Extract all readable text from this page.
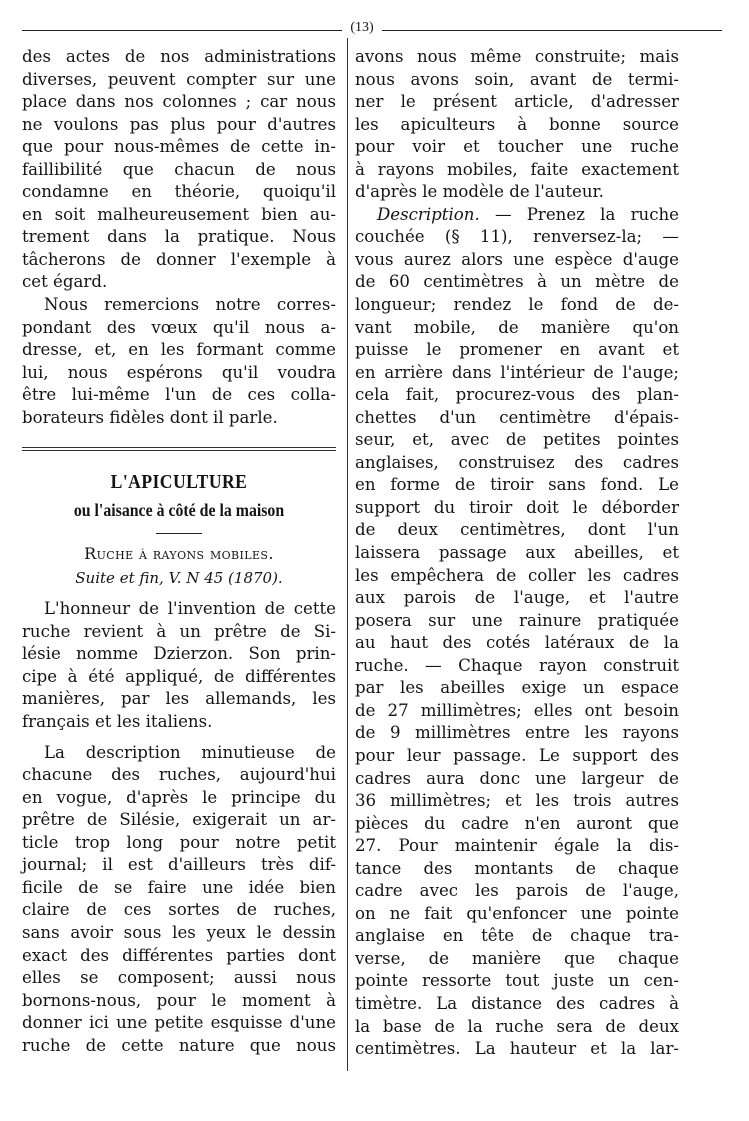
(13)
des actes de nos administrations
diverses, peuvent compter sur une
place dans nos colonnes ; car nous
ne voulons pas plus pour d'autres
que pour nous-mêmes de cette in-
faillibilité que chacun de nous
condamne en théorie, quoiqu'il
en soit malheureusement bien au-
trement dans la pratique. Nous
tâcherons de donner l'exemple à
cet égard.
Nous remercions notre corres-
pondant des vœux qu'il nous a-
dresse, et, en les formant comme
lui, nous espérons qu'il voudra
être lui-même l'un de ces colla-
borateurs fidèles dont il parle.
L'APICULTURE
ou l'aisance à côté de la maison
Ruche à rayons mobiles.
Suite et fin, V. N 45 (1870).
L'honneur de l'invention de cette
ruche revient à un prêtre de Si-
lésie nomme Dzierzon. Son prin-
cipe à été appliqué, de différentes
manières, par les allemands, les
français et les italiens.
La description minutieuse de
chacune des ruches, aujourd'hui
en vogue, d'après le principe du
prêtre de Silésie, exigerait un ar-
ticle trop long pour notre petit
journal; il est d'ailleurs très dif-
ficile de se faire une idée bien
claire de ces sortes de ruches,
sans avoir sous les yeux le dessin
exact des différentes parties dont
elles se composent; aussi nous
bornons-nous, pour le moment à
donner ici une petite esquisse d'une
ruche de cette nature que nous
avons nous même construite; mais
nous avons soin, avant de termi-
ner le présent article, d'adresser
les apiculteurs à bonne source
pour voir et toucher une ruche
à rayons mobiles, faite exactement
d'après le modèle de l'auteur.
Description. — Prenez la ruche
couchée (§ 11), renversez-la; —
vous aurez alors une espèce d'auge
de 60 centimètres à un mètre de
longueur; rendez le fond de de-
vant mobile, de manière qu'on
puisse le promener en avant et
en arrière dans l'intérieur de l'auge;
cela fait, procurez-vous des plan-
chettes d'un centimètre d'épais-
seur, et, avec de petites pointes
anglaises, construisez des cadres
en forme de tiroir sans fond. Le
support du tiroir doit le déborder
de deux centimètres, dont l'un
laissera passage aux abeilles, et
les empêchera de coller les cadres
aux parois de l'auge, et l'autre
posera sur une rainure pratiquée
au haut des cotés latéraux de la
ruche. — Chaque rayon construit
par les abeilles exige un espace
de 27 millimètres; elles ont besoin
de 9 millimètres entre les rayons
pour leur passage. Le support des
cadres aura donc une largeur de
36 millimètres; et les trois autres
pièces du cadre n'en auront que
27. Pour maintenir égale la dis-
tance des montants de chaque
cadre avec les parois de l'auge,
on ne fait qu'enfoncer une pointe
anglaise en tête de chaque tra-
verse, de manière que chaque
pointe ressorte tout juste un cen-
timètre. La distance des cadres à
la base de la ruche sera de deux
centimètres. La hauteur et la lar-
